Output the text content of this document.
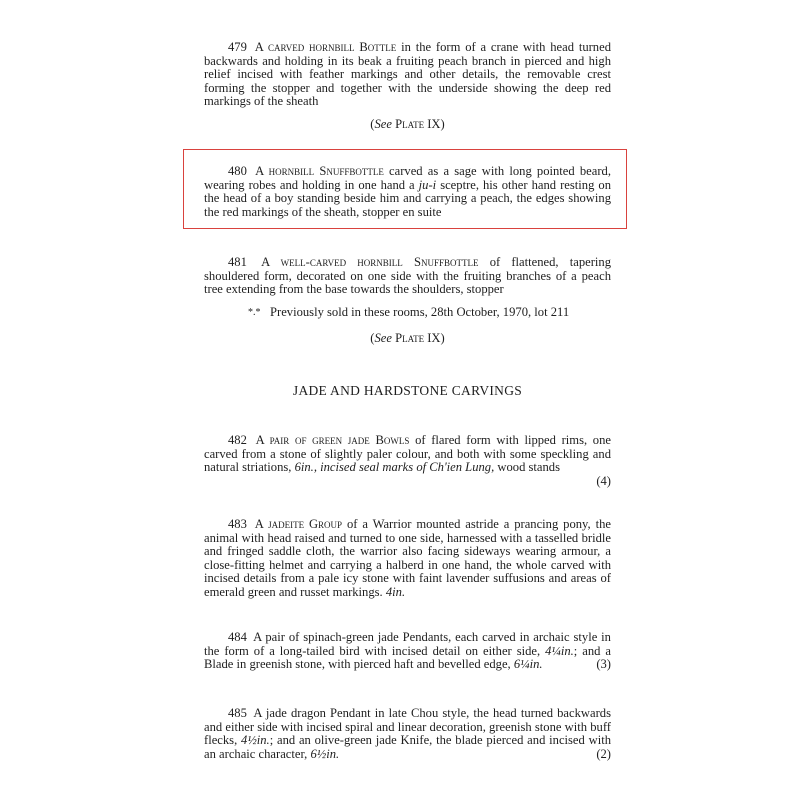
479 A carved hornbill Bottle in the form of a crane with head turned backwards and holding in its beak a fruiting peach branch in pierced and high relief incised with feather markings and other details, the removable crest forming the stopper and together with the underside showing the deep red markings of the sheath

(See Plate IX)

480 A hornbill Snuffbottle carved as a sage with long pointed beard, wearing robes and holding in one hand a ju-i sceptre, his other hand resting on the head of a boy standing beside him and carrying a peach, the edges showing the red markings of the sheath, stopper en suite

481 A well-carved hornbill Snuffbottle of flattened, tapering shouldered form, decorated on one side with the fruiting branches of a peach tree extending from the base towards the shoulders, stopper

*.* Previously sold in these rooms, 28th October, 1970, lot 211

(See Plate IX)

JADE AND HARDSTONE CARVINGS

482 A pair of green jade Bowls of flared form with lipped rims, one carved from a stone of slightly paler colour, and both with some speckling and natural striations, 6in., incised seal marks of Ch'ien Lung, wood stands

(4)

483 A jadeite Group of a Warrior mounted astride a prancing pony, the animal with head raised and turned to one side, harnessed with a tasselled bridle and fringed saddle cloth, the warrior also facing sideways wearing armour, a close-fitting helmet and carrying a halberd in one hand, the whole carved with incised details from a pale icy stone with faint lavender suffusions and areas of emerald green and russet markings. 4in.

484 A pair of spinach-green jade Pendants, each carved in archaic style in the form of a long-tailed bird with incised detail on either side, 4¼in.; and a Blade in greenish stone, with pierced haft and bevelled edge, 6¼in.	(3)

485 A jade dragon Pendant in late Chou style, the head turned backwards and either side with incised spiral and linear decoration, greenish stone with buff flecks, 4½in.; and an olive-green jade Knife, the blade pierced and incised with an archaic character, 6½in.	(2)
